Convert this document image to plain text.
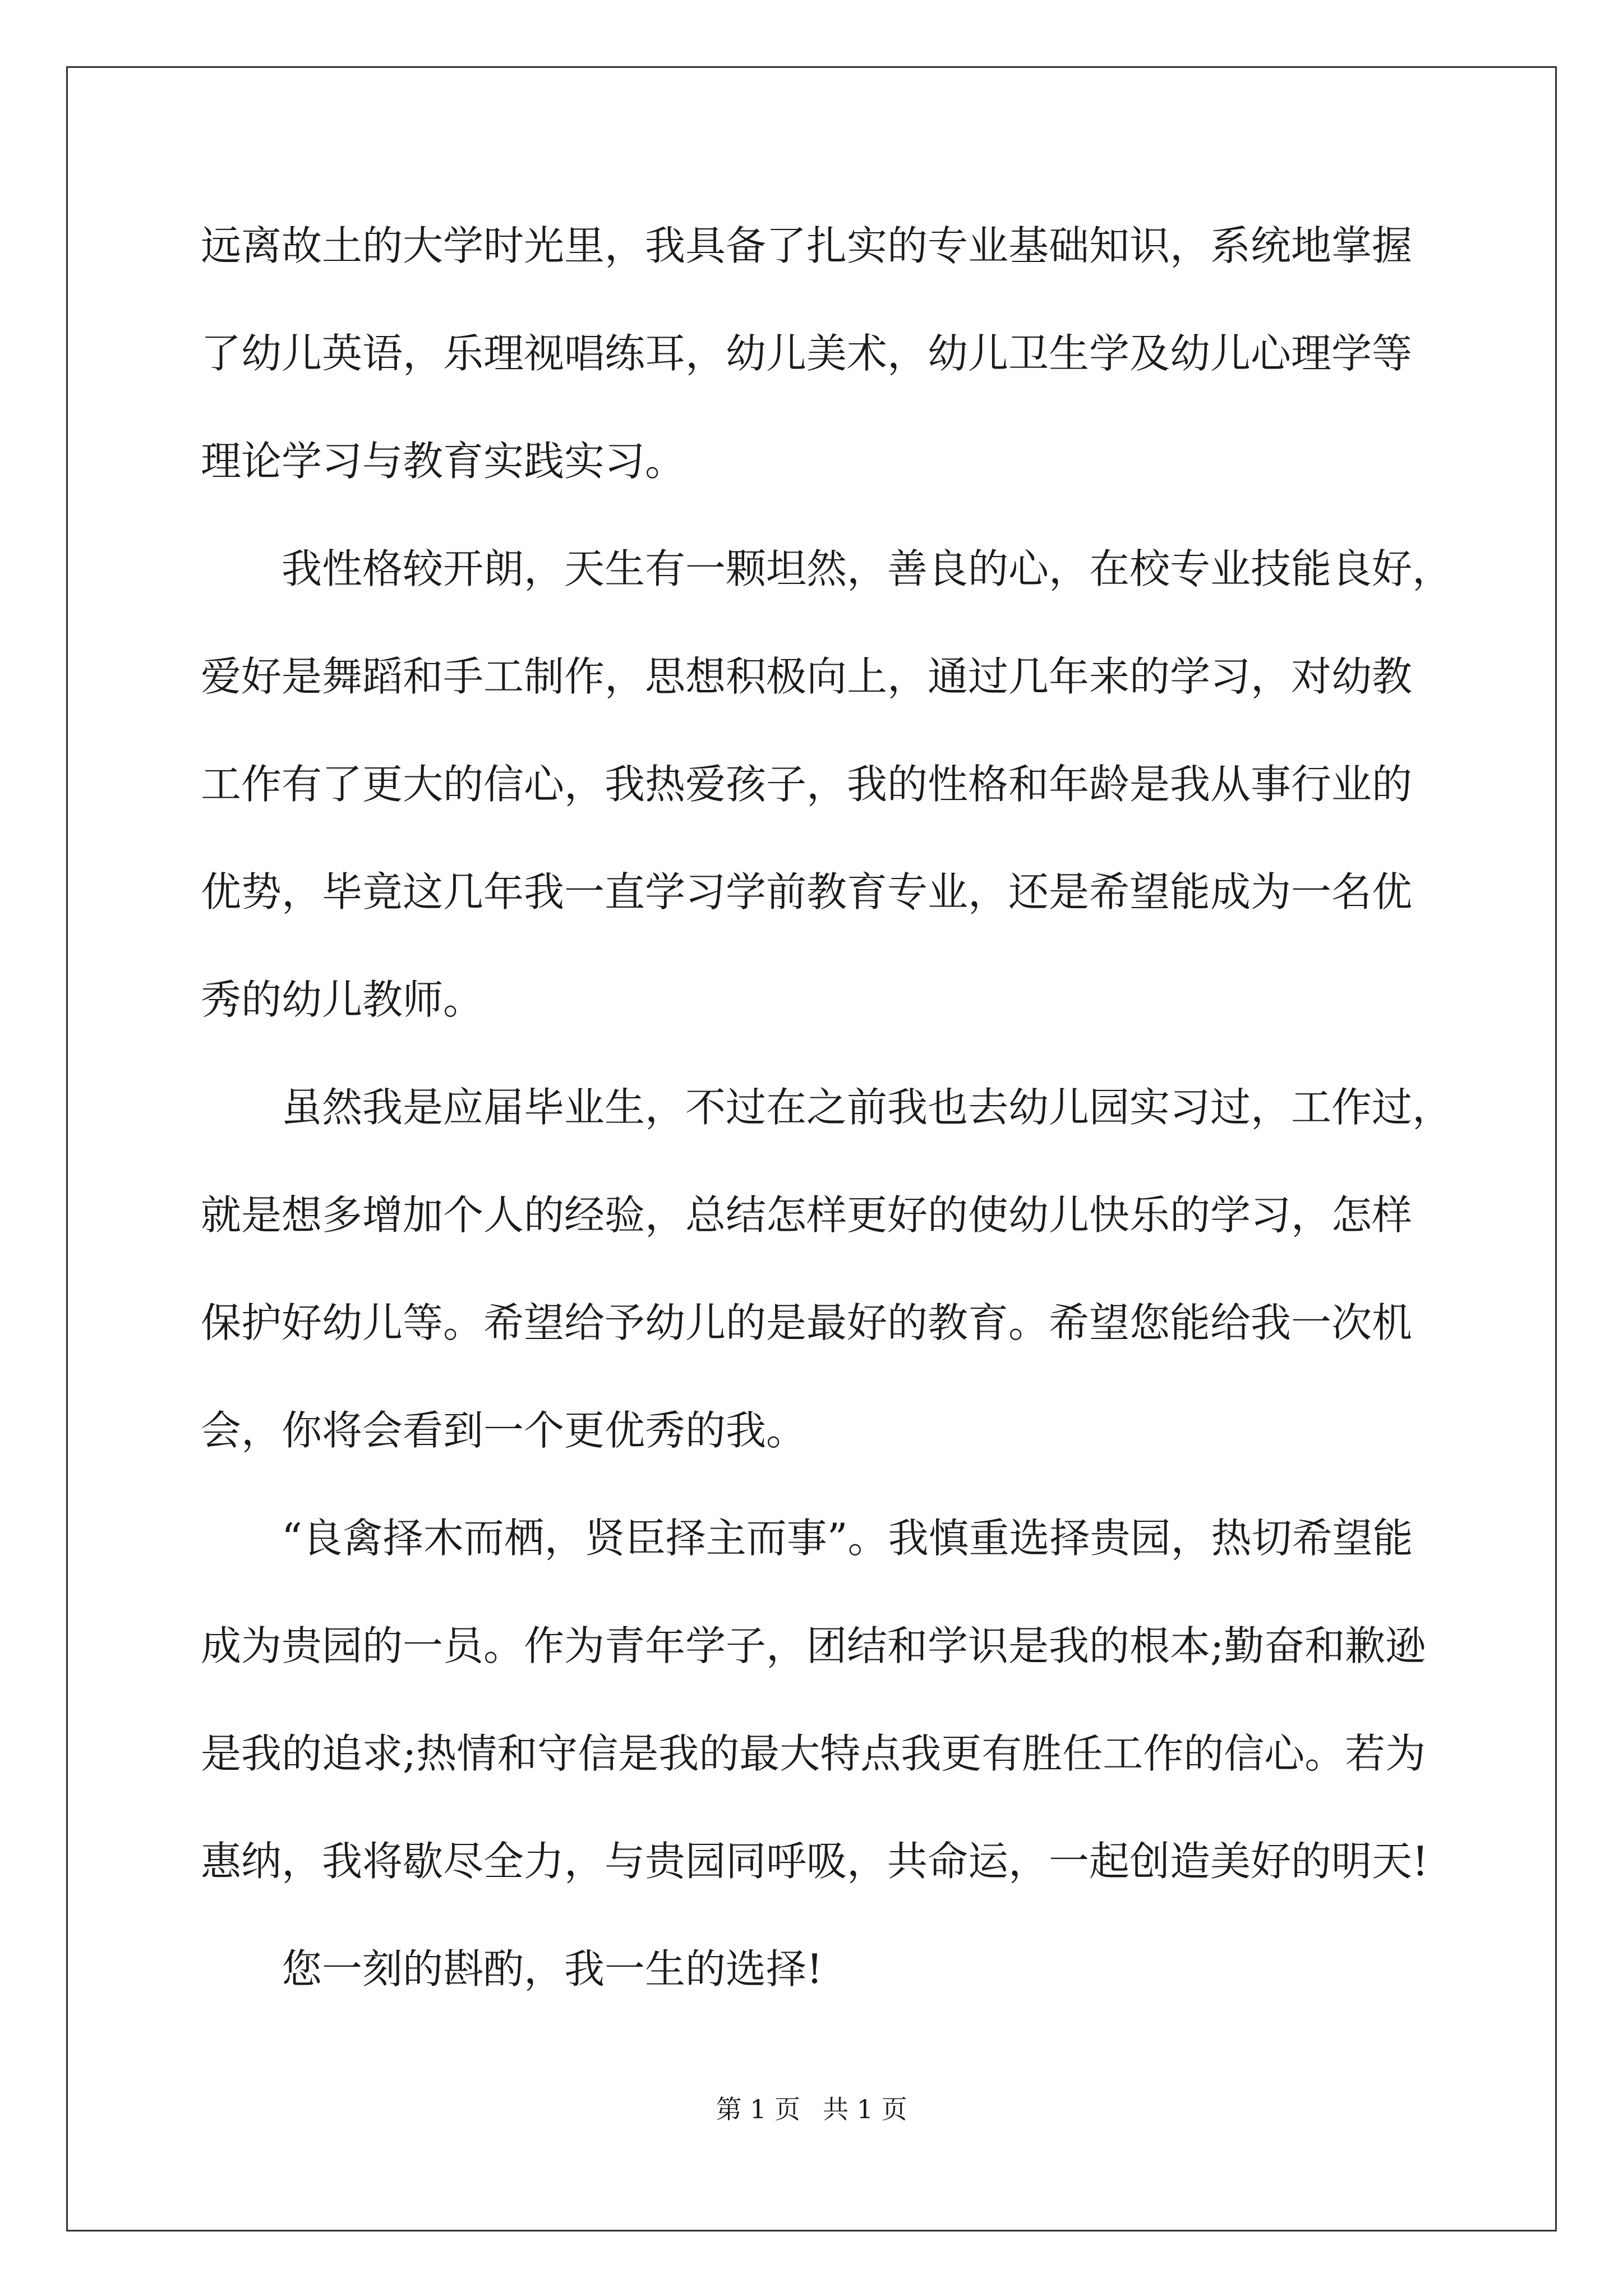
远离故土的大学时光里，我具备了扎实的专业基础知识，系统地掌握
了幼儿英语，乐理视唱练耳，幼儿美术，幼儿卫生学及幼儿心理学等
理论学习与教育实践实习。
　　我性格较开朗，天生有一颗坦然，善良的心，在校专业技能良好，
爱好是舞蹈和手工制作，思想积极向上，通过几年来的学习，对幼教
工作有了更大的信心，我热爱孩子，我的性格和年龄是我从事行业的
优势，毕竟这几年我一直学习学前教育专业，还是希望能成为一名优
秀的幼儿教师。
　　虽然我是应届毕业生，不过在之前我也去幼儿园实习过，工作过，
就是想多增加个人的经验，总结怎样更好的使幼儿快乐的学习，怎样
保护好幼儿等。希望给予幼儿的是最好的教育。希望您能给我一次机
会，你将会看到一个更优秀的我。
　　“良禽择木而栖，贤臣择主而事”。我慎重选择贵园，热切希望能
成为贵园的一员。作为青年学子，团结和学识是我的根本;勤奋和歉逊
是我的追求;热情和守信是我的最大特点我更有胜任工作的信心。若为
惠纳，我将歇尽全力，与贵园同呼吸，共命运，一起创造美好的明天!
　　您一刻的斟酌，我一生的选择!
第 1 页 共 1 页
